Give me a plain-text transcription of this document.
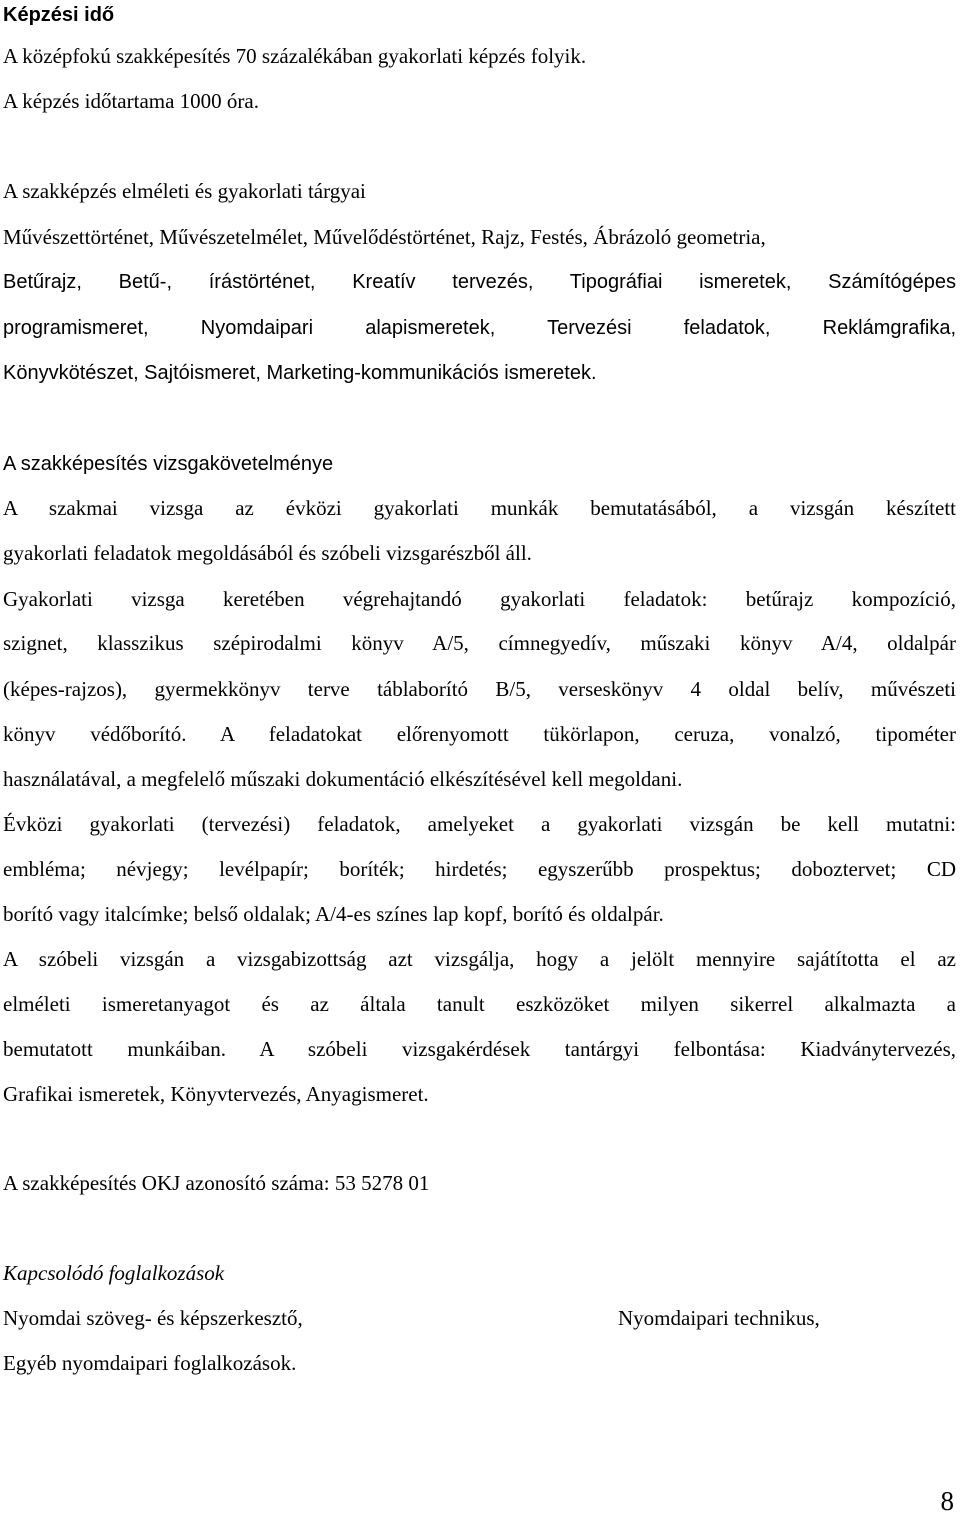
Képzési idő
A középfokú szakképesítés 70 százalékában gyakorlati képzés folyik.
A képzés időtartama 1000 óra.
A szakképzés elméleti és gyakorlati tárgyai
Művészettörténet, Művészetelmélet, Művelődéstörténet, Rajz, Festés, Ábrázoló geometria,
Betűrajz, Betű-, írástörténet, Kreatív tervezés, Tipográfiai ismeretek, Számítógépes
programismeret, Nyomdaipari alapismeretek, Tervezési feladatok, Reklámgrafika,
Könyvkötészet, Sajtóismeret, Marketing-kommunikációs ismeretek.
A szakképesítés vizsgakövetelménye
A szakmai vizsga az évközi gyakorlati munkák bemutatásából, a vizsgán készített
gyakorlati feladatok megoldásából és szóbeli vizsgarészből áll.
Gyakorlati vizsga keretében végrehajtandó gyakorlati feladatok: betűrajz kompozíció,
szignet, klasszikus szépirodalmi könyv A/5, címnegyedív, műszaki könyv A/4, oldalpár
(képes-rajzos), gyermekkönyv terve táblaborító B/5, verseskönyv 4 oldal belív, művészeti
könyv védőborító. A feladatokat előrenyomott tükörlapon, ceruza, vonalzó, tipométer
használatával, a megfelelő műszaki dokumentáció elkészítésével kell megoldani.
Évközi gyakorlati (tervezési) feladatok, amelyeket a gyakorlati vizsgán be kell mutatni:
embléma; névjegy; levélpapír; boríték; hirdetés; egyszerűbb prospektus; doboztervet; CD
borító vagy italcímke; belső oldalak; A/4-es színes lap kopf, borító és oldalpár.
A szóbeli vizsgán a vizsgabizottság azt vizsgálja, hogy a jelölt mennyire sajátította el az
elméleti ismeretanyagot és az általa tanult eszközöket milyen sikerrel alkalmazta a
bemutatott munkáiban. A szóbeli vizsgakérdések tantárgyi felbontása: Kiadványtervezés,
Grafikai ismeretek, Könyvtervezés, Anyagismeret.
A szakképesítés OKJ azonosító száma: 53 5278 01
Kapcsolódó foglalkozások
Nyomdai szöveg- és képszerkesztő,	Nyomdaipari technikus,
Egyéb nyomdaipari foglalkozások.
8
